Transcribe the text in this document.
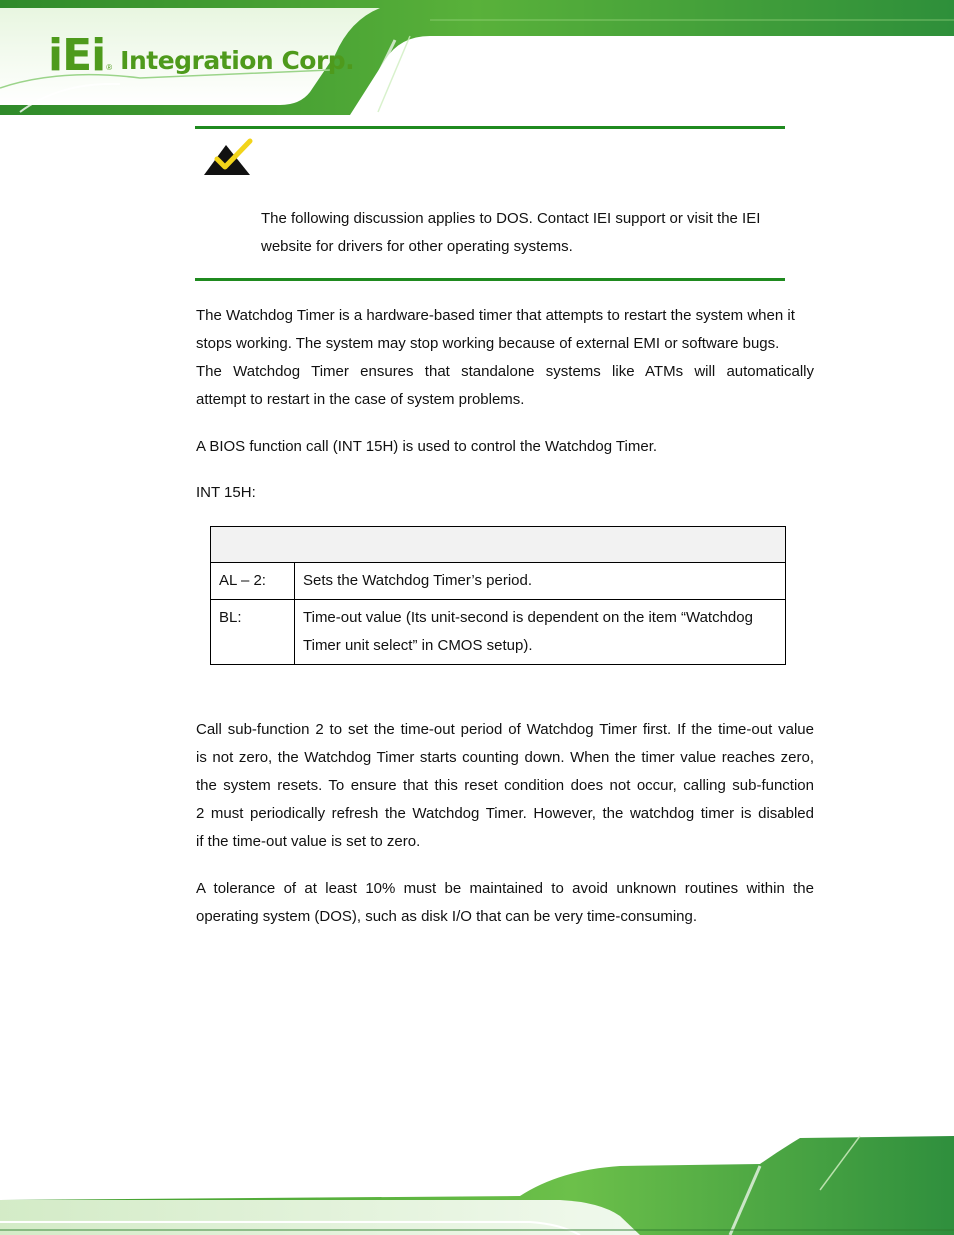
iEi ® Integration Corp.
The following discussion applies to DOS. Contact IEI support or visit the IEI
website for drivers for other operating systems.
The Watchdog Timer is a hardware-based timer that attempts to restart the system when it
stops working. The system may stop working because of external EMI or software bugs.
The Watchdog Timer ensures that standalone systems like ATMs will automatically
attempt to restart in the case of system problems.
A BIOS function call (INT 15H) is used to control the Watchdog Timer.
INT 15H:

AL – 2:	Sets the Watchdog Timer’s period.
BL:	Time-out value (Its unit-second is dependent on the item “Watchdog
Timer unit select” in CMOS setup).
Call sub-function 2 to set the time-out period of Watchdog Timer first. If the time-out value
is not zero, the Watchdog Timer starts counting down. When the timer value reaches zero,
the system resets. To ensure that this reset condition does not occur, calling sub-function
2 must periodically refresh the Watchdog Timer. However, the watchdog timer is disabled
if the time-out value is set to zero.
A tolerance of at least 10% must be maintained to avoid unknown routines within the
operating system (DOS), such as disk I/O that can be very time-consuming.
